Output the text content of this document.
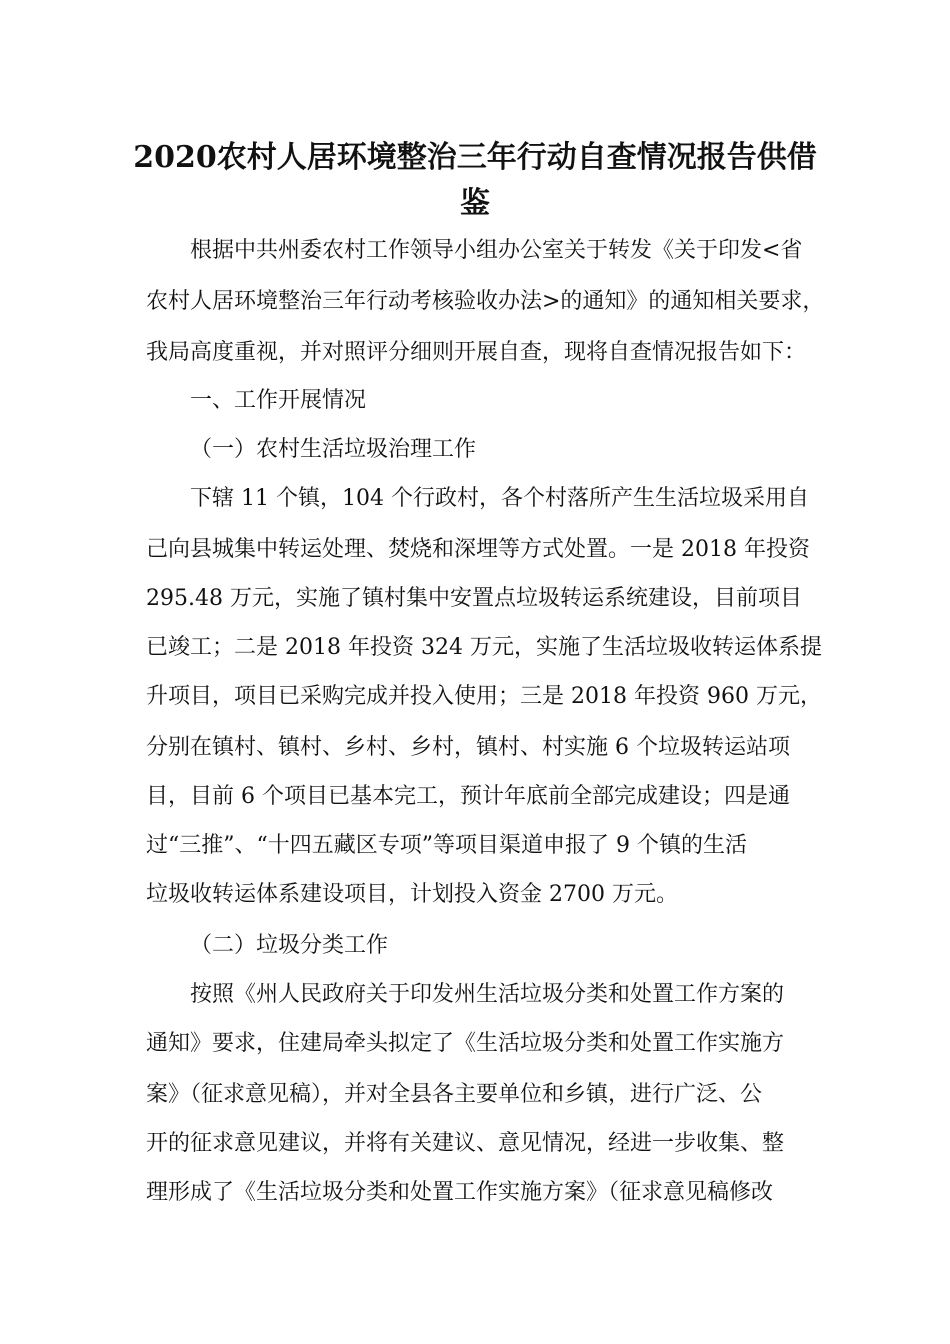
2020农村人居环境整治三年行动自查情况报告供借
鉴
根据中共州委农村工作领导小组办公室关于转发《关于印发<省
农村人居环境整治三年行动考核验收办法>的通知》的通知相关要求，
我局高度重视，并对照评分细则开展自查，现将自查情况报告如下：
一、工作开展情况
（一）农村生活垃圾治理工作
下辖 11 个镇，104 个行政村，各个村落所产生生活垃圾采用自
己向县城集中转运处理、焚烧和深埋等方式处置。一是 2018 年投资
295.48 万元，实施了镇村集中安置点垃圾转运系统建设，目前项目
已竣工；二是 2018 年投资 324 万元，实施了生活垃圾收转运体系提
升项目，项目已采购完成并投入使用；三是 2018 年投资 960 万元，
分别在镇村、镇村、乡村、乡村，镇村、村实施 6 个垃圾转运站项
目，目前 6 个项目已基本完工，预计年底前全部完成建设；四是通
过“三推”、“十四五藏区专项”等项目渠道申报了 9 个镇的生活
垃圾收转运体系建设项目，计划投入资金 2700 万元。
（二）垃圾分类工作
按照《州人民政府关于印发州生活垃圾分类和处置工作方案的
通知》要求，住建局牵头拟定了《生活垃圾分类和处置工作实施方
案》（征求意见稿），并对全县各主要单位和乡镇，进行广泛、公
开的征求意见建议，并将有关建议、意见情况，经进一步收集、整
理形成了《生活垃圾分类和处置工作实施方案》（征求意见稿修改
